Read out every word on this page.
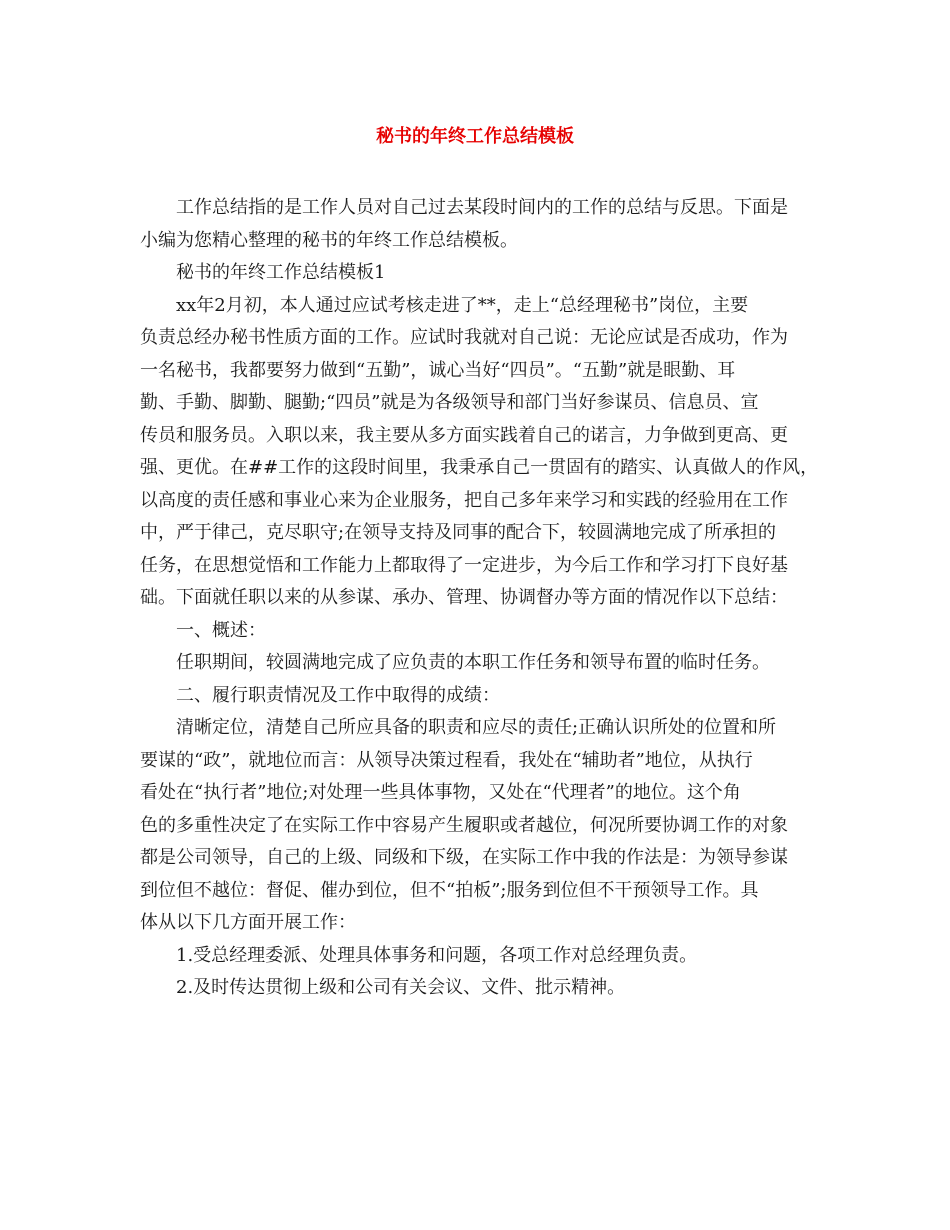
秘书的年终工作总结模板
工作总结指的是工作人员对自己过去某段时间内的工作的总结与反思。下面是
小编为您精心整理的秘书的年终工作总结模板。
秘书的年终工作总结模板1
xx年2月初，本人通过应试考核走进了**，走上“总经理秘书”岗位，主要
负责总经办秘书性质方面的工作。应试时我就对自己说：无论应试是否成功，作为
一名秘书，我都要努力做到“五勤”，诚心当好“四员”。“五勤”就是眼勤、耳
勤、手勤、脚勤、腿勤;“四员”就是为各级领导和部门当好参谋员、信息员、宣
传员和服务员。入职以来，我主要从多方面实践着自己的诺言，力争做到更高、更
强、更优。在##工作的这段时间里，我秉承自己一贯固有的踏实、认真做人的作风，
以高度的责任感和事业心来为企业服务，把自己多年来学习和实践的经验用在工作
中，严于律己，克尽职守;在领导支持及同事的配合下，较圆满地完成了所承担的
任务，在思想觉悟和工作能力上都取得了一定进步，为今后工作和学习打下良好基
础。下面就任职以来的从参谋、承办、管理、协调督办等方面的情况作以下总结：
一、概述：
任职期间，较圆满地完成了应负责的本职工作任务和领导布置的临时任务。
二、履行职责情况及工作中取得的成绩：
清晰定位，清楚自己所应具备的职责和应尽的责任;正确认识所处的位置和所
要谋的“政”，就地位而言：从领导决策过程看，我处在“辅助者”地位，从执行
看处在“执行者”地位;对处理一些具体事物，又处在“代理者”的地位。这个角
色的多重性决定了在实际工作中容易产生履职或者越位，何况所要协调工作的对象
都是公司领导，自己的上级、同级和下级，在实际工作中我的作法是：为领导参谋
到位但不越位：督促、催办到位，但不“拍板”;服务到位但不干预领导工作。具
体从以下几方面开展工作：
1.受总经理委派、处理具体事务和问题，各项工作对总经理负责。
2.及时传达贯彻上级和公司有关会议、文件、批示精神。
